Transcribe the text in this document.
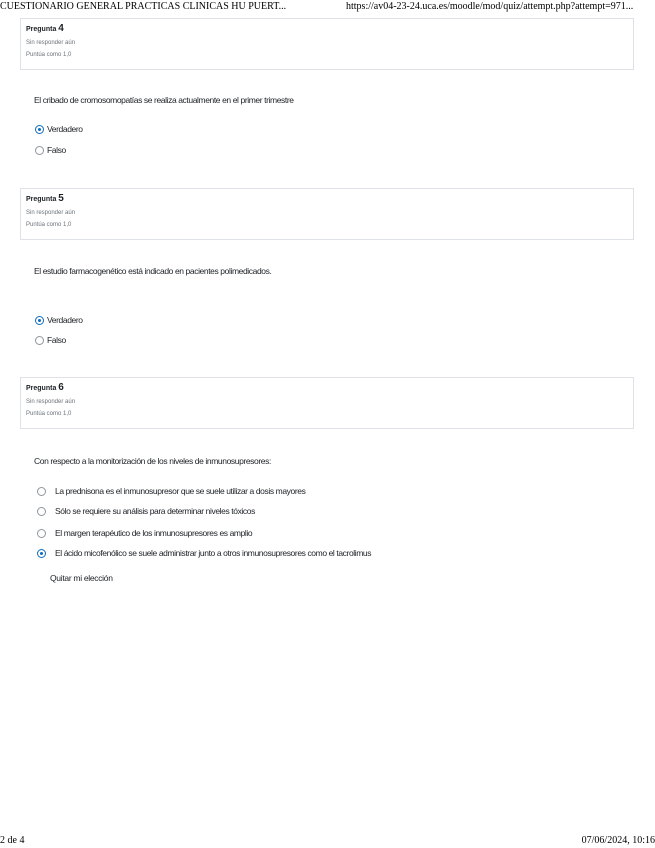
CUESTIONARIO GENERAL PRACTICAS CLINICAS HU PUERT...	https://av04-23-24.uca.es/moodle/mod/quiz/attempt.php?attempt=971...
Pregunta 4
Sin responder aún
Puntúa como 1,0
El cribado de cromosomopatías se realiza actualmente en el primer trimestre
Verdadero
Falso
Pregunta 5
Sin responder aún
Puntúa como 1,0
El estudio farmacogenético está indicado en pacientes polimedicados.
Verdadero
Falso
Pregunta 6
Sin responder aún
Puntúa como 1,0
Con respecto a la monitorización de los niveles de inmunosupresores:
La prednisona es el inmunosupresor que se suele utilizar a dosis mayores
Sólo se requiere su análisis para determinar niveles tóxicos
El margen terapéutico de los inmunosupresores es amplio
El ácido micofenólico se suele administrar junto a otros inmunosupresores como el tacrolimus
Quitar mi elección
2 de 4	07/06/2024, 10:16
